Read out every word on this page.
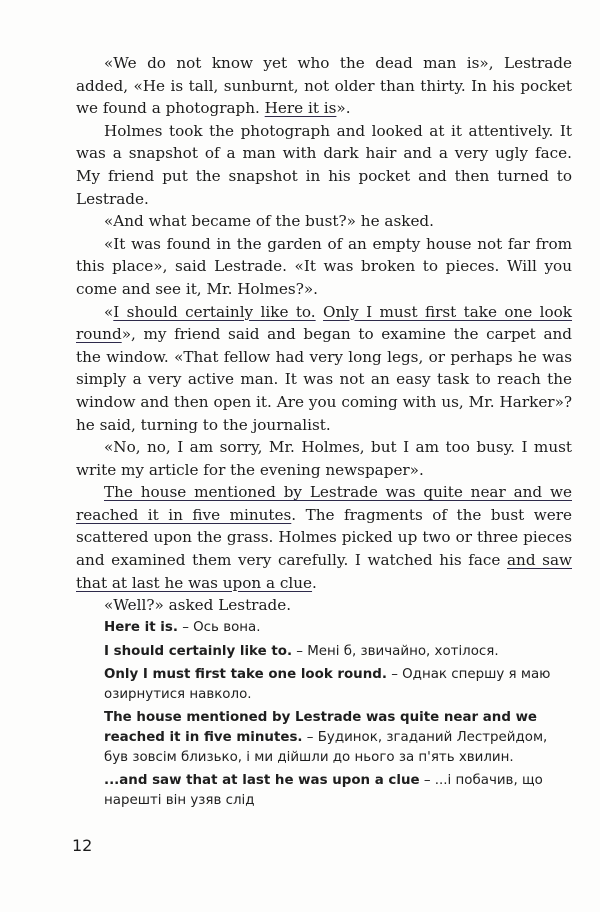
«We do not know yet who the dead man is», Lestrade added, «He is tall, sunburnt, not older than thirty. In his pocket we found a photograph. Here it is».

Holmes took the photograph and looked at it attentively. It was a snapshot of a man with dark hair and a very ugly face. My friend put the snapshot in his pocket and then turned to Lestrade.

«And what became of the bust?» he asked.

«It was found in the garden of an empty house not far from this place», said Lestrade. «It was broken to pieces. Will you come and see it, Mr. Holmes?».

«I should certainly like to. Only I must first take one look round», my friend said and began to examine the carpet and the window. «That fellow had very long legs, or perhaps he was simply a very active man. It was not an easy task to reach the window and then open it. Are you coming with us, Mr. Harker»? he said, turning to the journalist.

«No, no, I am sorry, Mr. Holmes, but I am too busy. I must write my article for the evening newspaper».

The house mentioned by Lestrade was quite near and we reached it in five minutes. The fragments of the bust were scattered upon the grass. Holmes picked up two or three pieces and examined them very carefully. I watched his face and saw that at last he was upon a clue.

«Well?» asked Lestrade.

Here it is. – Ось вона.
I should certainly like to. – Мені б, звичайно, хотілося.
Only I must first take one look round. – Однак спершу я маю озирнутися навколо.
The house mentioned by Lestrade was quite near and we reached it in five minutes. – Будинок, згаданий Лестрейдом, був зовсім близько, і ми дійшли до нього за п'ять хвилин.
...and saw that at last he was upon a clue – ...і побачив, що нарешті він узяв слід
12
